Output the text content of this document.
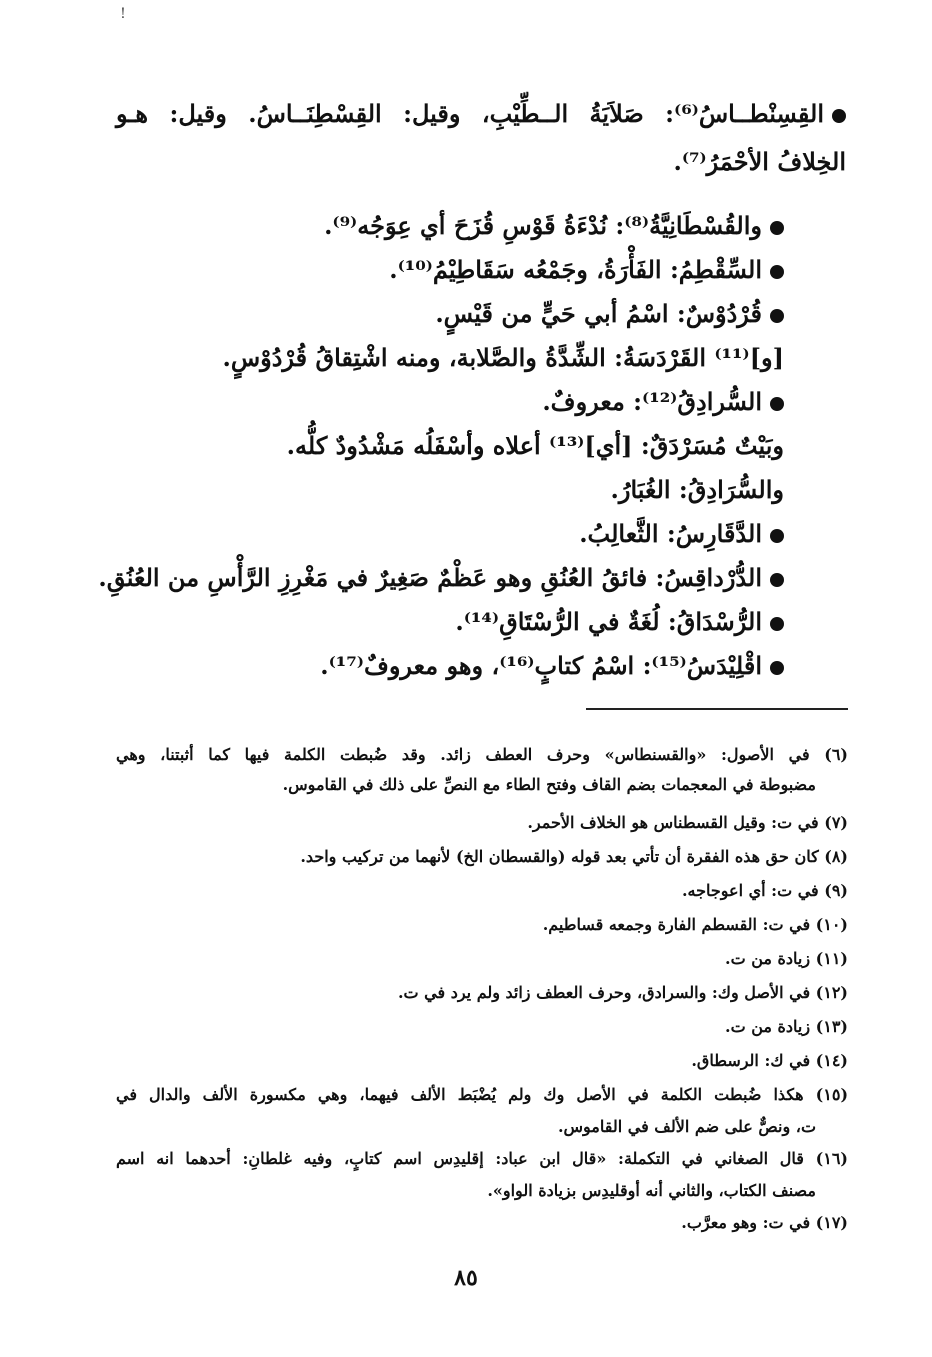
!
القِسِنْطــاسُ⁽⁶⁾: صَلاَيَةُ الــطِّيْبِ، وقيل: القِسْطِنَــاسُ. وقيل: هـو
الخِلافُ الأحْمَرُ⁽⁷⁾.
والقُسْطَانِيَّةُ⁽⁸⁾: نُدْءَةُ قَوْسِ قُزَحَ أي عِوَجُه⁽⁹⁾.
السِّقْطِمُ: الفَأْرَةُ، وجَمْعُه سَقَاطِيْمُ⁽¹⁰⁾.
قُرْدُوْسٌ: اسْمُ أبي حَيٍّ من قَيْسٍ.
[و]⁽¹¹⁾ القَرْدَسَةُ: الشِّدَّةُ والصَّلابة، ومنه اشْتِقاقُ قُرْدُوْسٍ.
السُّرادِقُ⁽¹²⁾: معروفٌ.
وبَيْتٌ مُسَرْدَقٌ: [أي]⁽¹³⁾ أعلاه وأسْفَلُه مَشْدُودٌ كلُّه.
والسُّرَادِقُ: الغُبَارُ.
الدَّقَارِسُ: الثَّعالِبُ.
الدُّرْداقِسُ: فائقُ العُنُقِ وهو عَظْمٌ صَغِيرٌ في مَغْرِزِ الرَّأْسِ من العُنُقِ.
الرُّسْدَاقُ: لُغَةٌ في الرُّسْتَاقِ⁽¹⁴⁾.
اقْلِيْدَسُ⁽¹⁵⁾: اسْمُ كتابٍ⁽¹⁶⁾، وهو معروفٌ⁽¹⁷⁾.
(٦) في الأصول: «والقسنطاس» وحرف العطف زائد. وقد ضُبطت الكلمة فيها كما أثبتنا، وهي
مضبوطة في المعجمات بضم القاف وفتح الطاء مع النصِّ على ذلك في القاموس.
(٧) في ت: وقيل القسطناس هو الخلاف الأحمر.
(٨) كان حق هذه الفقرة أن تأتي بعد قوله (والقسطان الخ) لأنهما من تركيب واحد.
(٩) في ت: أي اعوجاجه.
(١٠) في ت: القسطم الفارة وجمعه قساطيم.
(١١) زيادة من ت.
(١٢) في الأصل وك: والسرادق، وحرف العطف زائد ولم يرد في ت.
(١٣) زيادة من ت.
(١٤) في ك: الرسطاق.
(١٥) هكذا ضُبطت الكلمة في الأصل وك ولم يُضْبَط الألف فيهما، وهي مكسورة الألف والدال في
ت، ونصٌّ على ضم الألف في القاموس.
(١٦) قال الصغاني في التكملة: «قال ابن عباد: إقليدِس اسم كتابٍ، وفيه غلطانِ: أحدهما انه اسم
مصنف الكتاب، والثاني أنه أوقليدِس بزيادة الواو».
(١٧) في ت: وهو معرَّب.
٨٥
